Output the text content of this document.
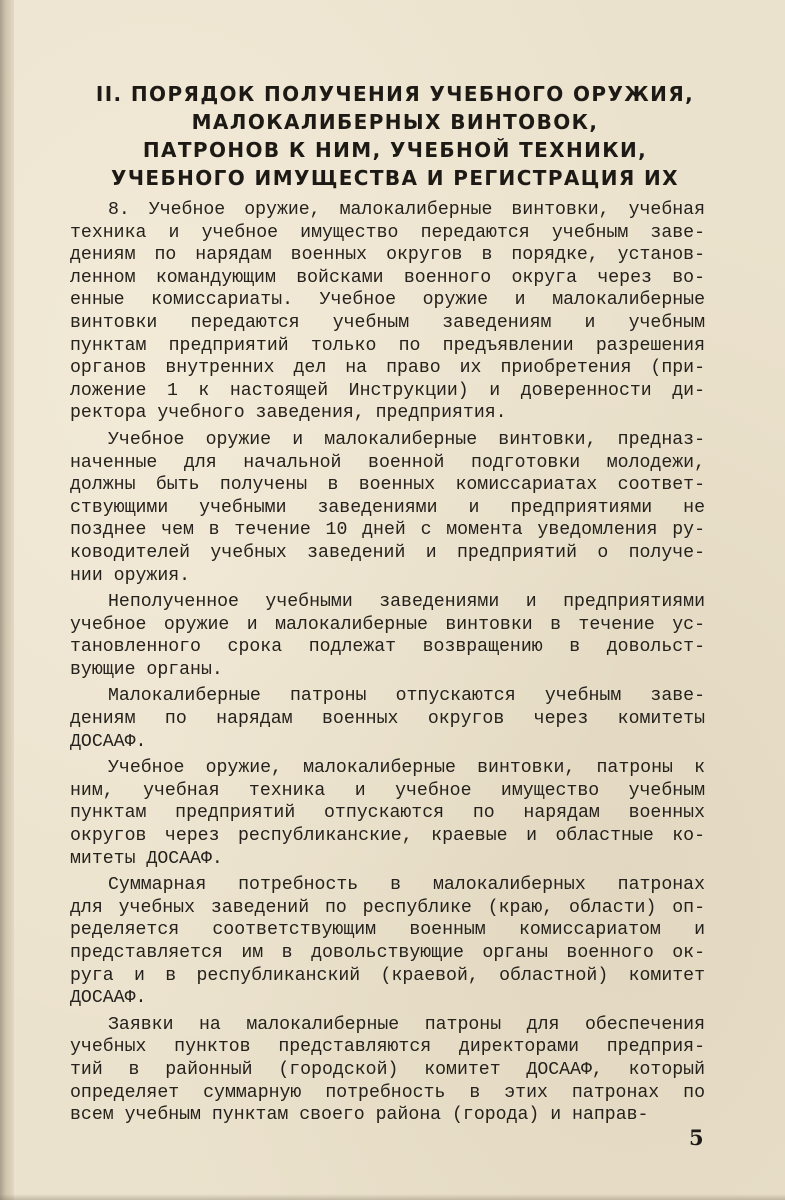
II. ПОРЯДОК ПОЛУЧЕНИЯ УЧЕБНОГО ОРУЖИЯ,
МАЛОКАЛИБЕРНЫХ ВИНТОВОК,
ПАТРОНОВ К НИМ, УЧЕБНОЙ ТЕХНИКИ,
УЧЕБНОГО ИМУЩЕСТВА И РЕГИСТРАЦИЯ ИХ
8. Учебное оружие, малокалиберные винтовки, учебная
техника и учебное имущество передаются учебным заве-
дениям по нарядам военных округов в порядке, установ-
ленном командующим войсками военного округа через во-
енные комиссариаты. Учебное оружие и малокалиберные
винтовки передаются учебным заведениям и учебным
пунктам предприятий только по предъявлении разрешения
органов внутренних дел на право их приобретения (при-
ложение 1 к настоящей Инструкции) и доверенности ди-
ректора учебного заведения, предприятия.
Учебное оружие и малокалиберные винтовки, предназ-
наченные для начальной военной подготовки молодежи,
должны быть получены в военных комиссариатах соответ-
ствующими учебными заведениями и предприятиями не
позднее чем в течение 10 дней с момента уведомления ру-
ководителей учебных заведений и предприятий о получе-
нии оружия.
Неполученное учебными заведениями и предприятиями
учебное оружие и малокалиберные винтовки в течение ус-
тановленного срока подлежат возвращению в довольст-
вующие органы.
Малокалиберные патроны отпускаются учебным заве-
дениям по нарядам военных округов через комитеты
ДОСААФ.
Учебное оружие, малокалиберные винтовки, патроны к
ним, учебная техника и учебное имущество учебным
пунктам предприятий отпускаются по нарядам военных
округов через республиканские, краевые и областные ко-
митеты ДОСААФ.
Суммарная потребность в малокалиберных патронах
для учебных заведений по республике (краю, области) оп-
ределяется соответствующим военным комиссариатом и
представляется им в довольствующие органы военного ок-
руга и в республиканский (краевой, областной) комитет
ДОСААФ.
Заявки на малокалиберные патроны для обеспечения
учебных пунктов представляются директорами предприя-
тий в районный (городской) комитет ДОСААФ, который
определяет суммарную потребность в этих патронах по
всем учебным пунктам своего района (города) и направ-
5
